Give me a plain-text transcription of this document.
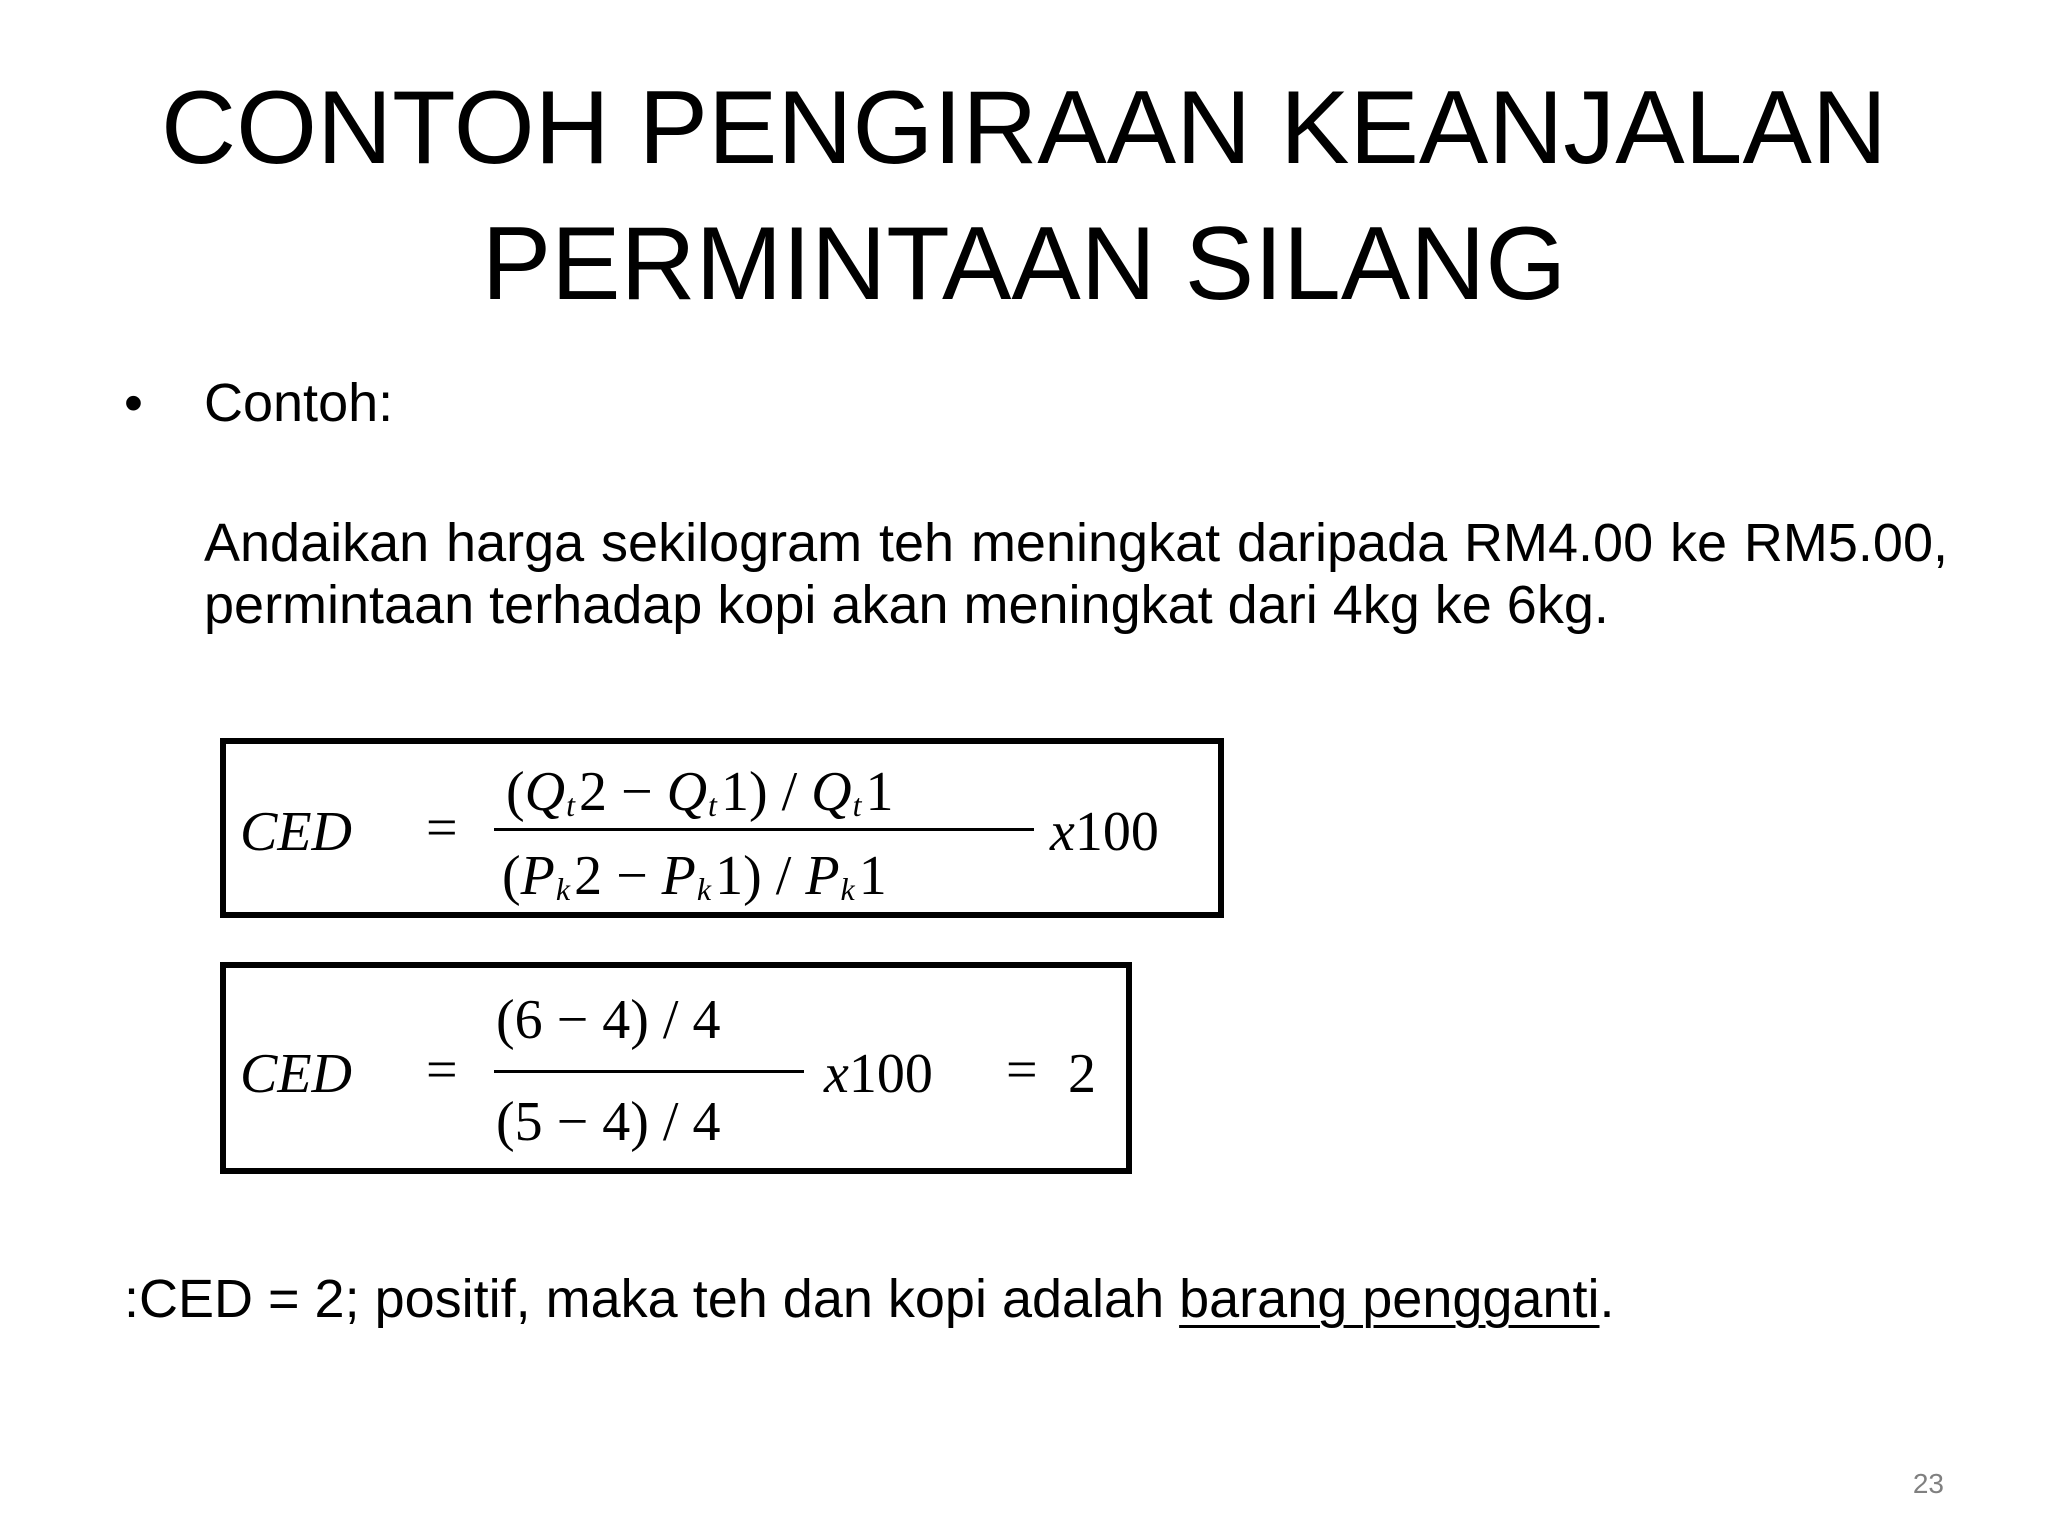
CONTOH PENGIRAAN KEANJALAN
PERMINTAAN SILANG
• Contoh:
Andaikan harga sekilogram teh meningkat daripada RM4.00 ke RM5.00, permintaan terhadap kopi akan meningkat dari 4kg ke 6kg.
CED =
(Qt2 − Qt1) / Qt1
(Pk2 − Pk1) / Pk1
x100
CED =
(6 − 4) / 4
(5 − 4) / 4
x100 = 2
:CED = 2; positif, maka teh dan kopi adalah barang pengganti.
23
